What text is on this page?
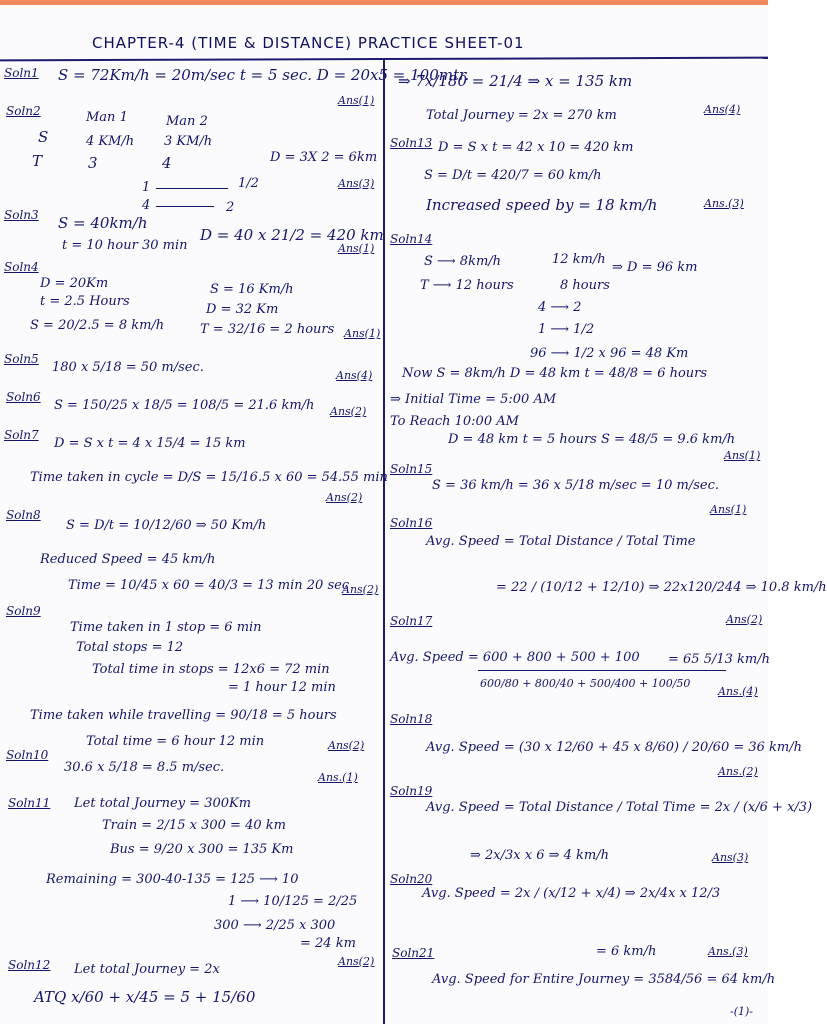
CHAPTER-4 (TIME & DISTANCE) PRACTICE SHEET-01
Soln1 S = 72Km/h = 20m/sec t = 5 sec. D = 20x5 = 100mtr.
Ans(1)
Soln2	Man 1	Man 2
S	4 KM/h 3 KM/h
T	3	4
1	1/2
4	2
D = 3X 2 = 6km
Ans(3)
Soln3 S = 40km/h
t = 10 hour 30 min
D = 40 x 21/2 = 420 km
Ans(1)
Soln4
D = 20Km
t = 2.5 Hours
S = 20/2.5 = 8 km/h
S = 16 Km/h
D = 32 Km
T = 32/16 = 2 hours Ans(1)
Soln5
180 x 5/18 = 50 m/sec.
Ans(4)
Soln6
S = 150/25 x 18/5 = 108/5 = 21.6 km/h Ans(2)
Soln7
D = S x t = 4 x 15/4 = 15 km
Time taken in cycle = D/S = 15/16.5 x 60 = 54.55 min
Ans(2)
Soln8
S = D/t = 10/12/60 ⇒ 50 Km/h
Reduced Speed = 45 km/h
Time = 10/45 x 60 = 40/3 = 13 min 20 sec
Ans(2)
Soln9
Time taken in 1 stop = 6 min
Total stops = 12
Total time in stops = 12x6 = 72 min
= 1 hour 12 min
Time taken while travelling = 90/18 = 5 hours
Total time = 6 hour 12 min	Ans(2)
Soln10
30.6 x 5/18 = 8.5 m/sec.
Ans.(1)
Soln11 Let total Journey = 300Km
Train = 2/15 x 300 = 40 km
Bus = 9/20 x 300 = 135 Km
Remaining = 300-40-135 = 125 ⟶ 10
1 ⟶ 10/125 = 2/25
300 ⟶ 2/25 x 300
= 24 km
Ans(2)
Soln12 Let total Journey = 2x
ATQ x/60 + x/45 = 5 + 15/60
⇒ 7x/180 = 21/4 ⇒ x = 135 km
Total Journey = 2x = 270 km	Ans(4)
Soln13 D = S x t = 42 x 10 = 420 km
S = D/t = 420/7 = 60 km/h
Increased speed by = 18 km/h	Ans.(3)
Soln14
S ⟶ 8km/h	12 km/h
⇒ D = 96 km
T ⟶ 12 hours	8 hours
4 ⟶ 2
1 ⟶ 1/2
96 ⟶ 1/2 x 96 = 48 Km
Now S = 8km/h D = 48 km t = 48/8 = 6 hours
⇒ Initial Time = 5:00 AM
To Reach 10:00 AM
D = 48 km t = 5 hours S = 48/5 = 9.6 km/h
Ans(1)
Soln15
S = 36 km/h = 36 x 5/18 m/sec = 10 m/sec.
Ans(1)
Soln16
Avg. Speed = Total Distance / Total Time
= 22 / (10/12 + 12/10) ⇒ 22x120/244 ⇒ 10.8 km/h
Ans(2)
Soln17
Avg. Speed = 600 + 800 + 500 + 100
600/80 + 800/40 + 500/400 + 100/50
= 65 5/13 km/h
Ans.(4)
Soln18
Avg. Speed = (30 x 12/60 + 45 x 8/60) / 20/60 = 36 km/h
Ans.(2)
Soln19
Avg. Speed = Total Distance / Total Time = 2x / (x/6 + x/3)
⇒ 2x/3x x 6 ⇒ 4 km/h	Ans(3)
Soln20
Avg. Speed = 2x / (x/12 + x/4) ⇒ 2x/4x x 12/3
= 6 km/h	Ans.(3)
Soln21
Avg. Speed for Entire Journey = 3584/56 = 64 km/h
-(1)-
